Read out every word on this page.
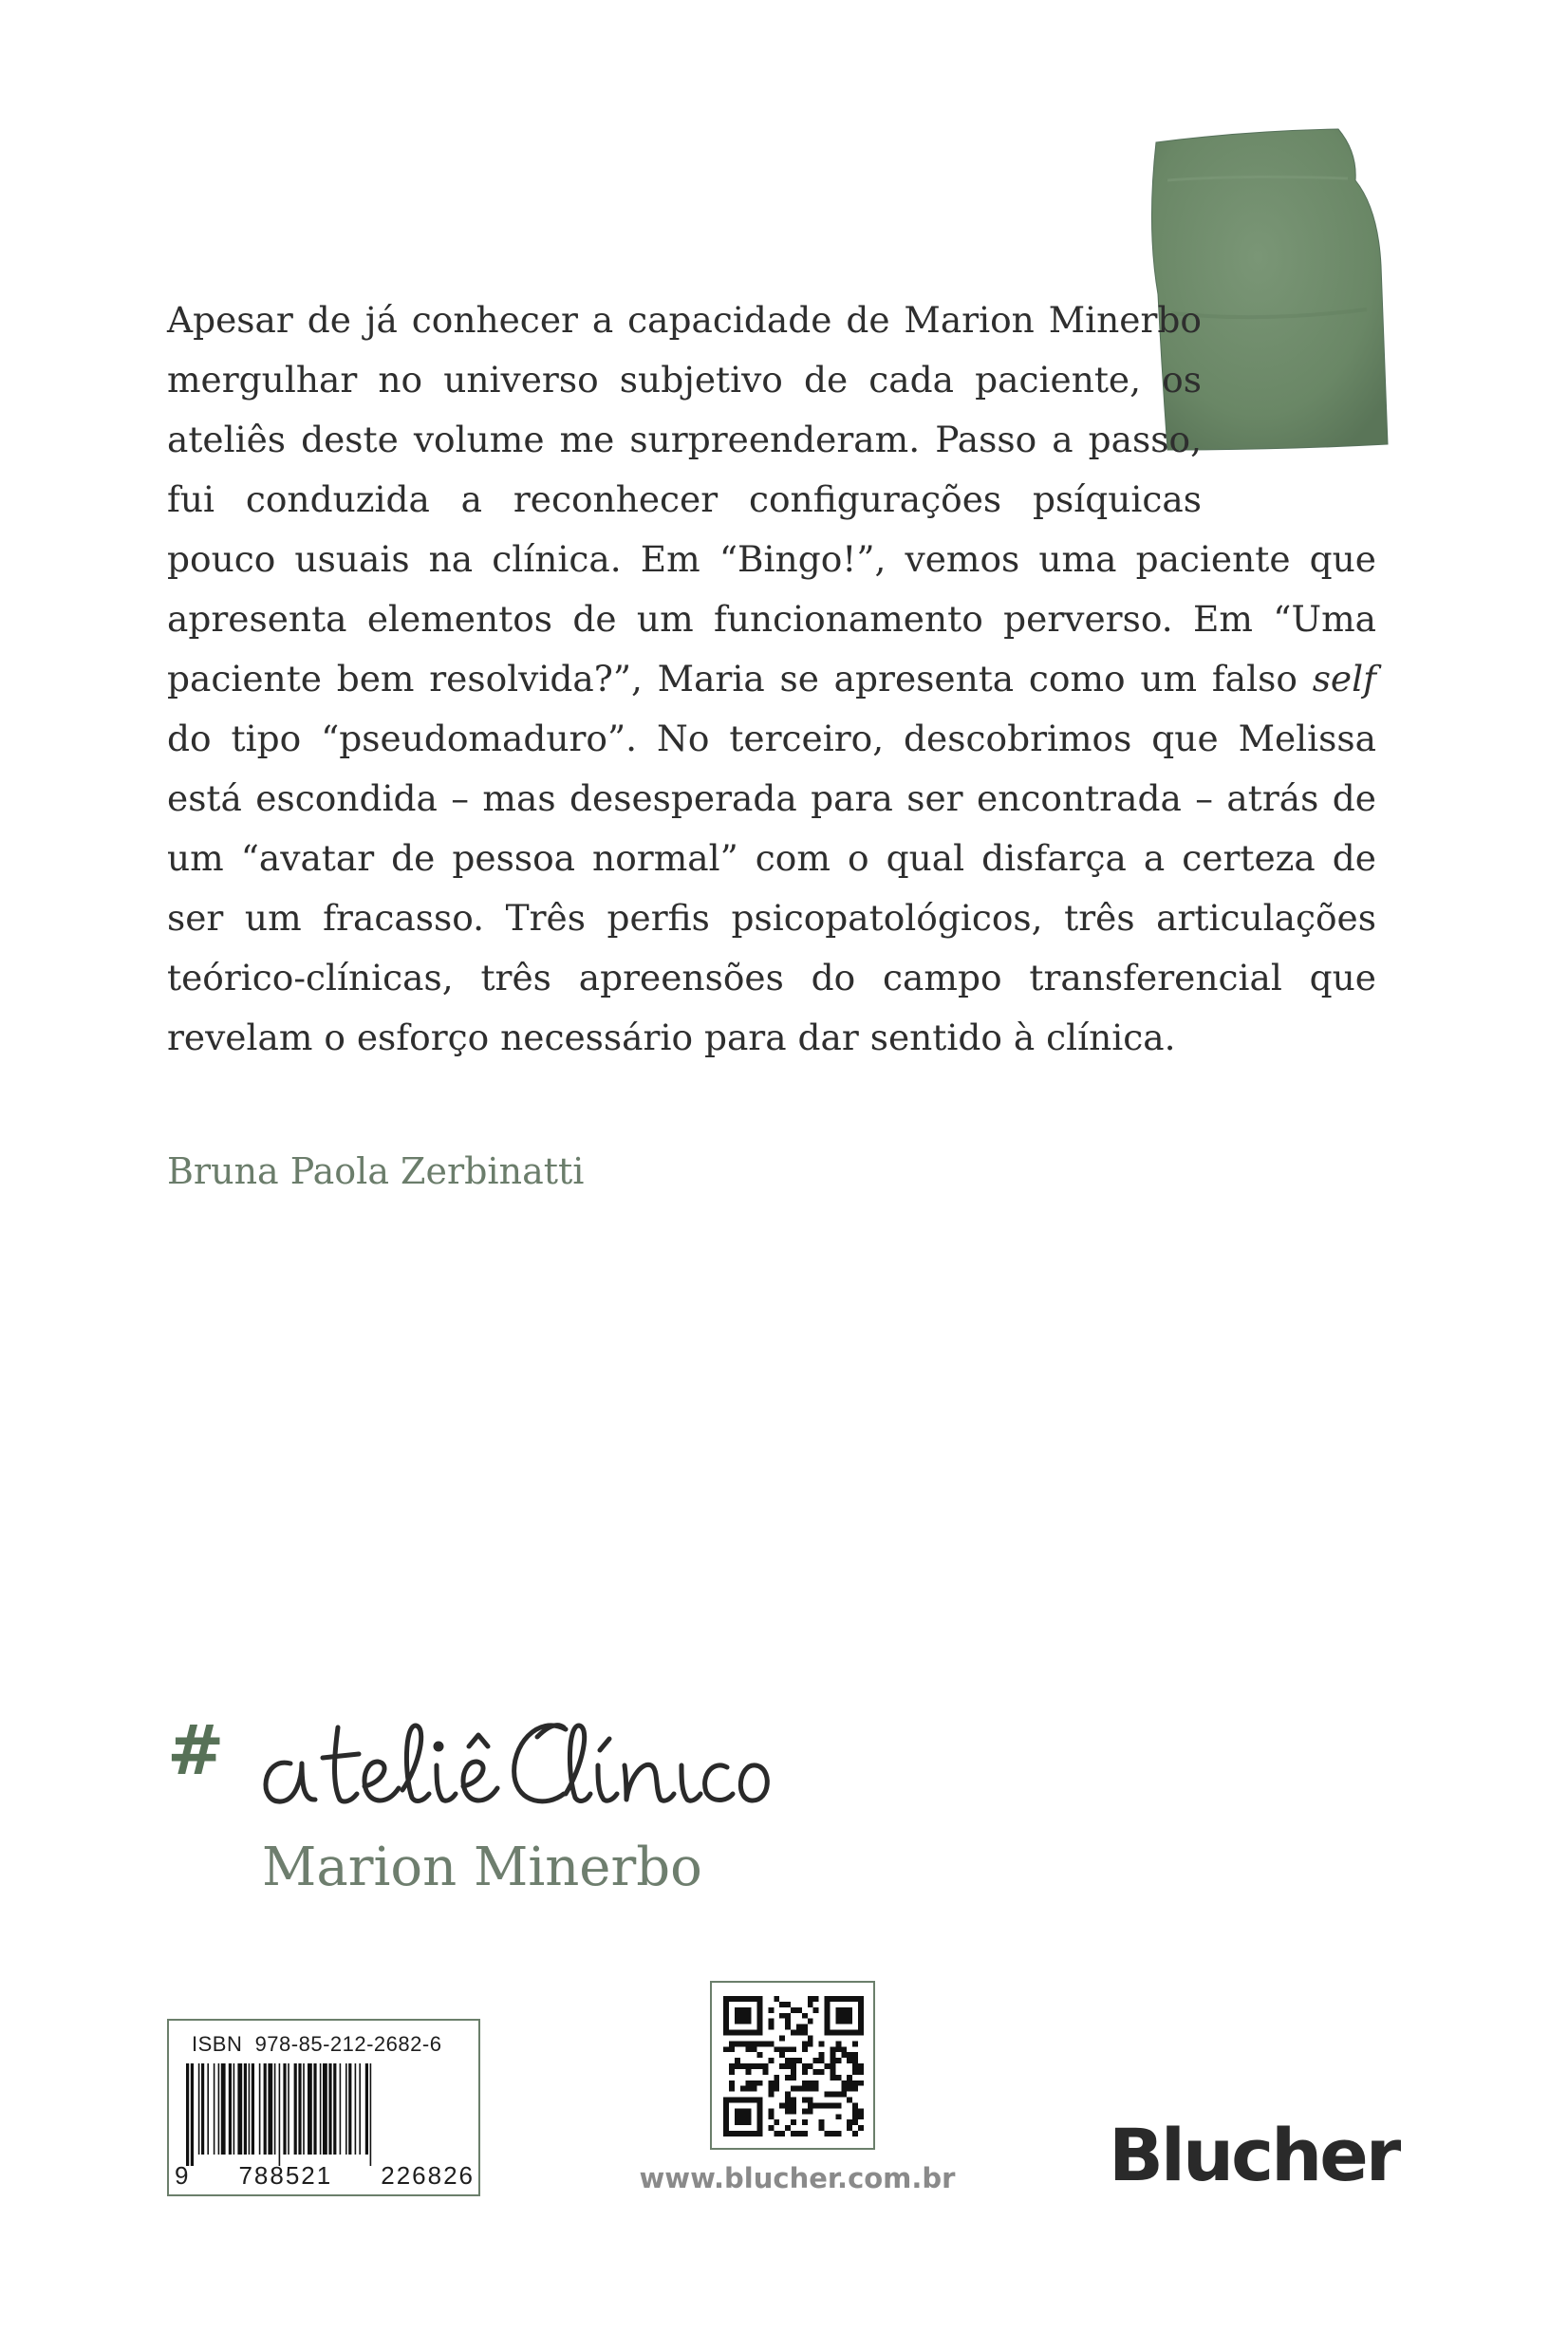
Apesar de já conhecer a capacidade de Marion Minerbo mergulhar no universo subjetivo de cada paciente, os ateliês deste volume me surpreenderam. Passo a passo, fui conduzida a reconhecer configurações psíquicas pouco usuais na clínica. Em “Bingo!”, vemos uma paciente que apresenta elementos de um funcionamento perverso. Em “Uma paciente bem resolvida?”, Maria se apresenta como um falso self do tipo “pseudomaduro”. No terceiro, descobrimos que Melissa está escondida – mas desesperada para ser encontrada – atrás de um “avatar de pessoa normal” com o qual disfarça a certeza de ser um fracasso. Três perfis psicopatológicos, três articulações teórico-clínicas, três apreensões do campo transferencial que revelam o esforço necessário para dar sentido à clínica.

Bruna Paola Zerbinatti

#

Marion Minerbo

ISBN  978-85-212-2682-6
9 788521 226826	www.blucher.com.br Blucher
